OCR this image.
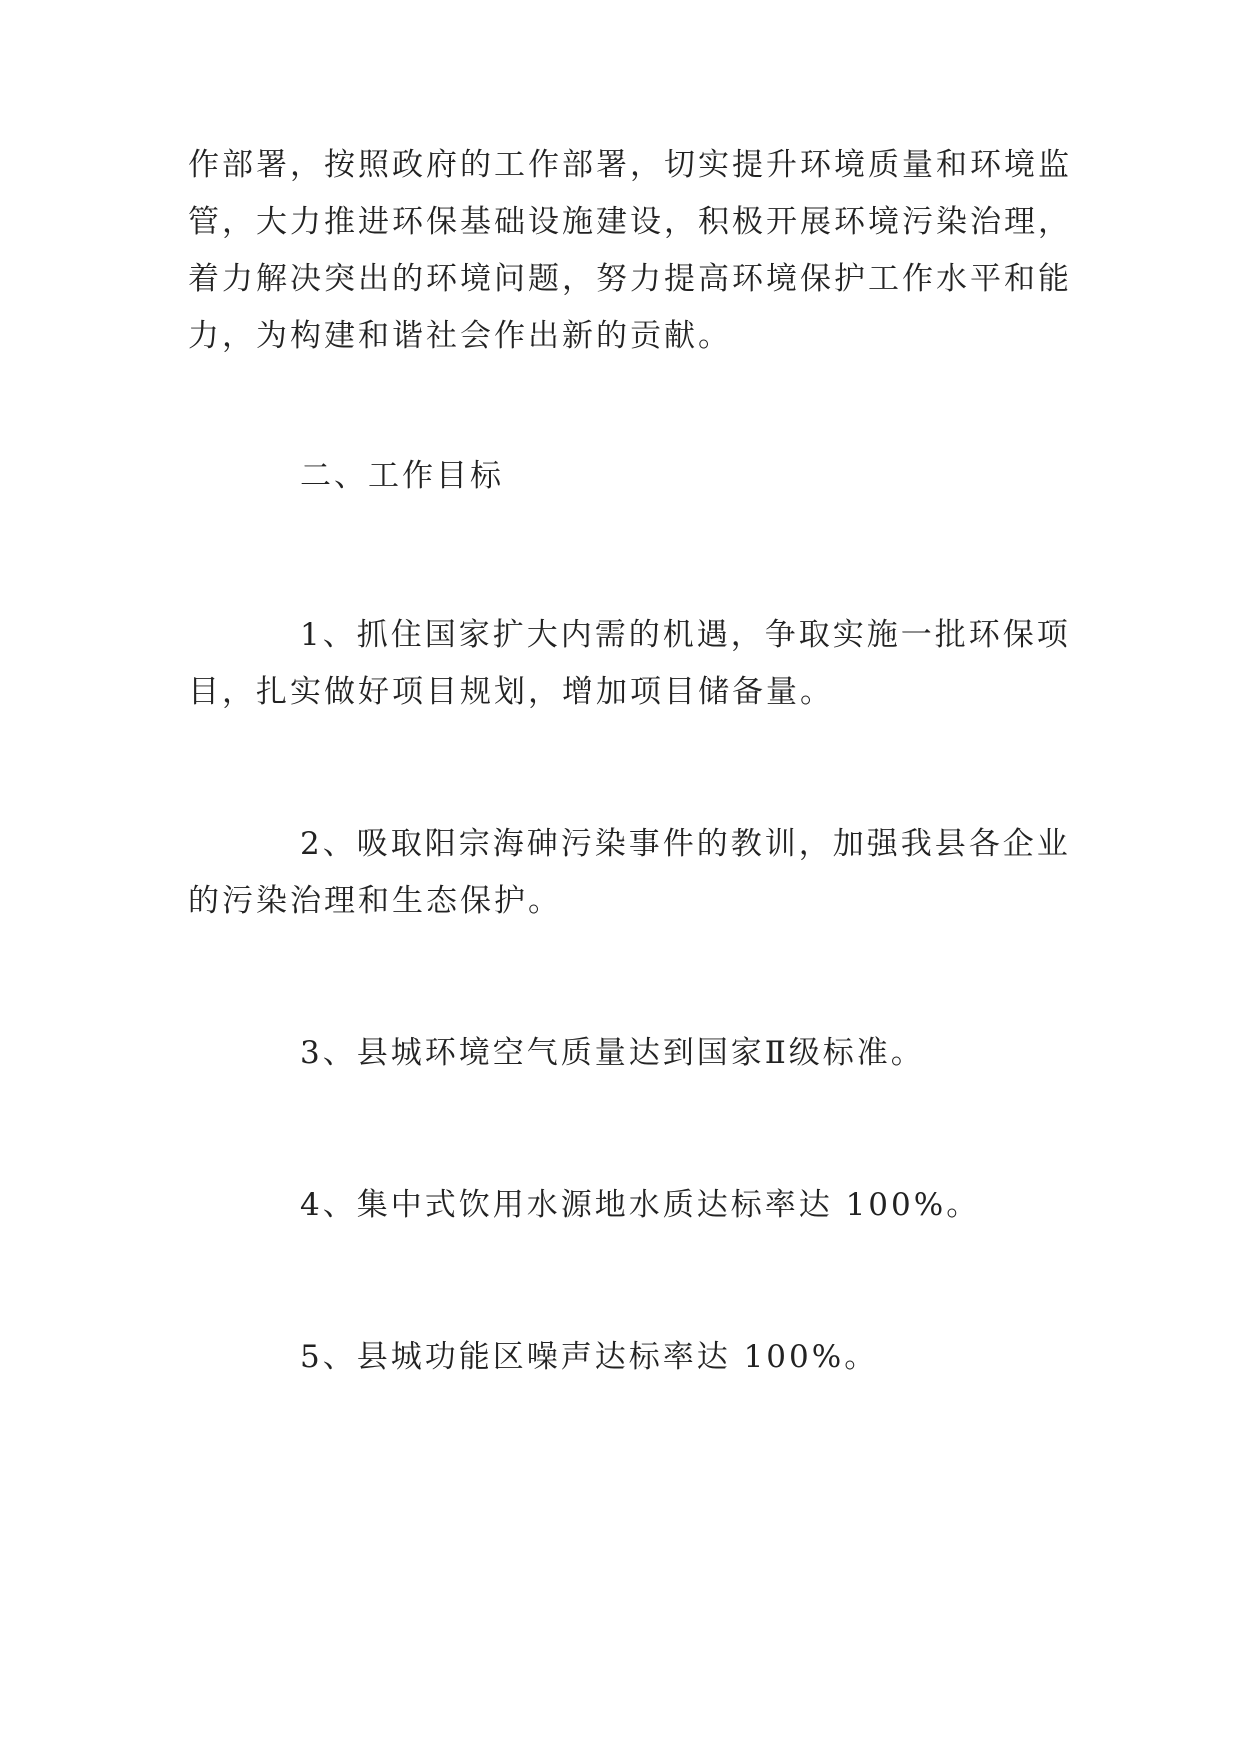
作部署，按照政府的工作部署，切实提升环境质量和环境监
管，大力推进环保基础设施建设，积极开展环境污染治理，
着力解决突出的环境问题，努力提高环境保护工作水平和能
力，为构建和谐社会作出新的贡献。
二、工作目标
1、抓住国家扩大内需的机遇，争取实施一批环保项
目，扎实做好项目规划，增加项目储备量。
2、吸取阳宗海砷污染事件的教训，加强我县各企业
的污染治理和生态保护。
3、县城环境空气质量达到国家Ⅱ级标准。
4、集中式饮用水源地水质达标率达 100%。
5、县城功能区噪声达标率达 100%。
